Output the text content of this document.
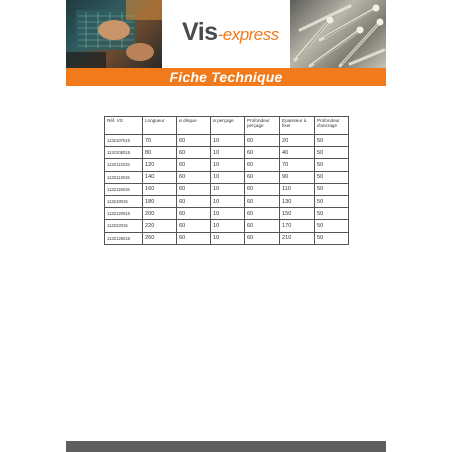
Vis-express
Fiche Technique
Réf. VS	Longueur	ø disque	ø perçage	Profondeur perçage	Epaisseur à fixer	Profondeur d'ancrage
1132107015	70	60	10	60	20	50
1132108015	80	60	10	60	40	50
1132112015	120	60	10	60	70	50
1132114015	140	60	10	60	90	50
1132116015	160	60	10	60	110	50
113218015	180	60	10	60	130	50
1132120015	200	60	10	60	150	50
113222015	220	60	10	60	170	50
1132126015	260	60	10	60	210	50
